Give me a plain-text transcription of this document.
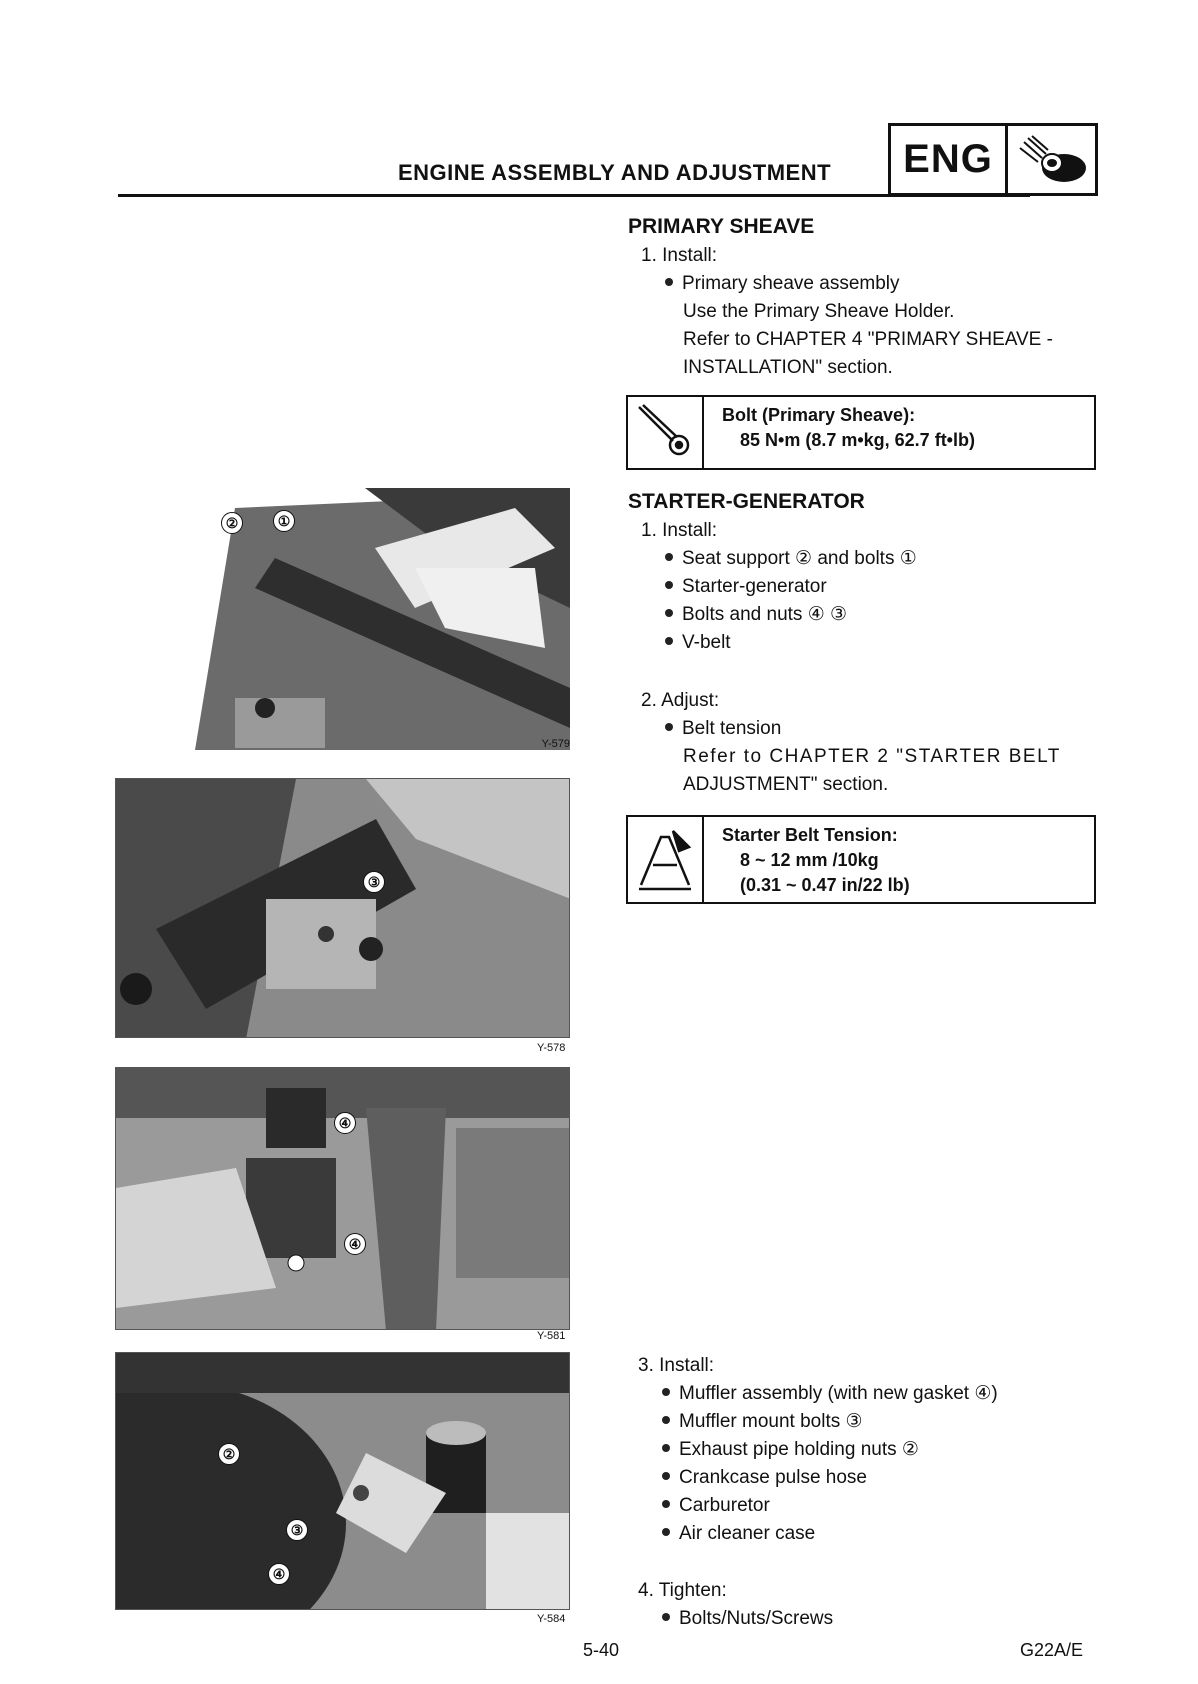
ENGINE ASSEMBLY AND ADJUSTMENT	ENG
PRIMARY SHEAVE
1. Install:
Primary sheave assembly
Use the Primary Sheave Holder.
Refer to CHAPTER 4 "PRIMARY SHEAVE -
INSTALLATION" section.
Bolt (Primary Sheave):
85 N•m (8.7 m•kg, 62.7 ft•lb)
STARTER-GENERATOR
1. Install:
Seat support ② and bolts ①
Starter-generator
Bolts and nuts ④ ③
V-belt
2. Adjust:
Belt tension
Refer to CHAPTER 2 "STARTER BELT
ADJUSTMENT" section.
Starter Belt Tension:
8 ~ 12 mm /10kg
(0.31 ~ 0.47 in/22 lb)
3. Install:
Muffler assembly (with new gasket ④)
Muffler mount bolts ③
Exhaust pipe holding nuts ②
Crankcase pulse hose
Carburetor
Air cleaner case
4. Tighten:
Bolts/Nuts/Screws
②	①
Y-579
③
Y-578
④
④
Y-581
②
③
④
Y-584
5-40	G22A/E
